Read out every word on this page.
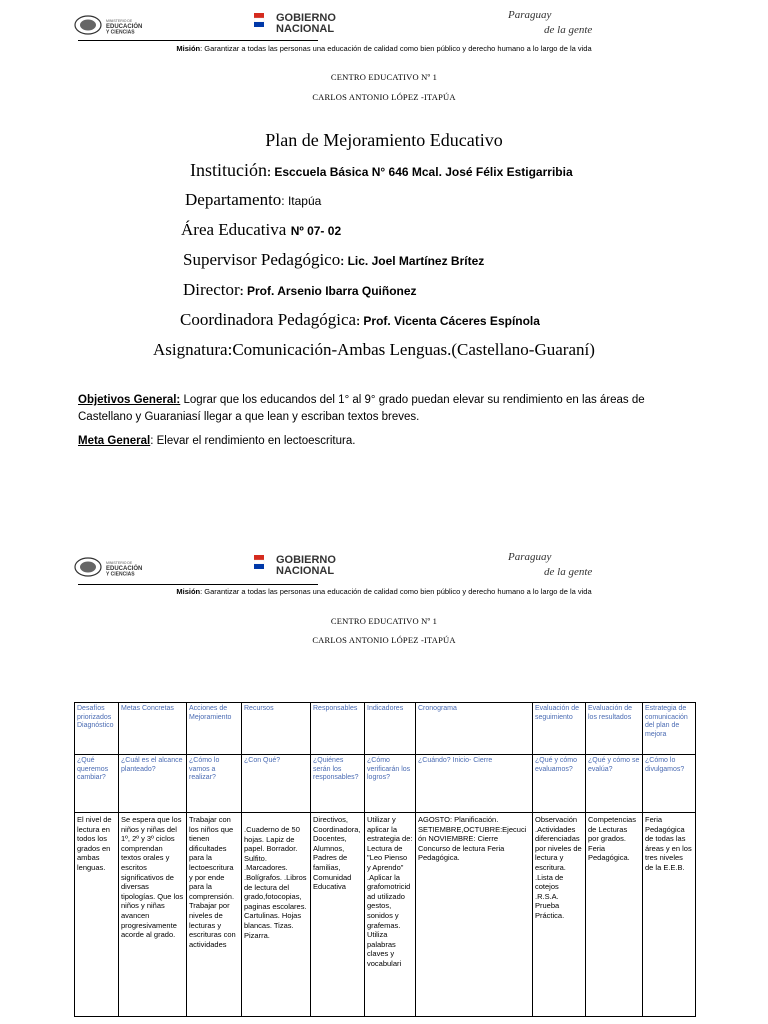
MINISTERIO DE
EDUCACIÓN
Y CIENCIAS
GOBIERNO
NACIONAL
Paraguay
de la gente
Misión: Garantizar a todas las personas una educación de calidad como bien público y derecho humano a lo largo de la vida
CENTRO EDUCATIVO Nº 1
CARLOS ANTONIO LÓPEZ -ITAPÚA
Plan de Mejoramiento Educativo
Institución: Esccuela Básica N° 646 Mcal. José Félix Estigarribia
Departamento: Itapúa
Área Educativa Nº 07- 02
Supervisor Pedagógico: Lic. Joel Martínez Brítez
Director: Prof. Arsenio Ibarra Quiñonez
Coordinadora Pedagógica: Prof. Vicenta Cáceres Espínola
Asignatura:Comunicación-Ambas Lenguas.(Castellano-Guaraní)
Objetivos General: Lograr que los educandos del 1° al 9° grado puedan elevar su rendimiento en las áreas de Castellano y Guaraniasí llegar a que lean y escriban textos breves.
Meta General: Elevar el rendimiento en lectoescritura.
MINISTERIO DE
EDUCACIÓN
Y CIENCIAS
GOBIERNO
NACIONAL
Paraguay
de la gente
Misión: Garantizar a todas las personas una educación de calidad como bien público y derecho humano a lo largo de la vida
CENTRO EDUCATIVO Nº 1
CARLOS ANTONIO LÓPEZ -ITAPÚA
Desafíos priorizados Diagnóstico	Metas Concretas	Acciones de Mejoramiento	Recursos	Responsables	Indicadores	Cronograma	Evaluación de seguimiento	Evaluación de los resultados	Estrategia de comunicación del plan de mejora
¿Qué queremos cambiar?	¿Cuál es el alcance planteado?	¿Cómo lo vamos a realizar?	¿Con Qué?	¿Quiénes serán los responsables?	¿Cómo verificarán los logros?	¿Cuándo? Inicio- Cierre	¿Qué y cómo evaluamos?	¿Qué y cómo se evalúa?	¿Cómo lo divulgamos?
El nivel de lectura en todos los grados en ambas lenguas.	Se espera que los niños y niñas del 1º, 2º y 3º ciclos comprendan textos orales y escritos significativos de diversas tipologías. Que los niños y niñas avancen progresivamente acorde al grado.	Trabajar con los niños que tienen dificultades para la lectoescritura y por ende para la comprensión. Trabajar por niveles de lecturas y escrituras con actividades	.Cuaderno de 50 hojas. Lapiz de papel. Borrador. Sulfito. .Marcadores. .Bolígrafos. .Libros de lectura del grado,fotocopias, paginas escolares. Cartulinas. Hojas blancas. Tizas. Pizarra.	Directivos, Coordinadora, Docentes, Alumnos, Padres de familias, Comunidad Educativa	Utilizar y aplicar la estrategia de: Lectura de "Leo Pienso y Aprendo" .Aplicar la grafomotricidad utilizado gestos, sonidos y grafemas. Utiliza palabras claves y vocabulari	AGOSTO: Planificación. SETIEMBRE,OCTUBRE:Ejecución NOVIEMBRE: Cierre Concurso de lectura Feria Pedagógica.	Observación .Actividades diferenciadas por niveles de lectura y escritura. .Lista de cotejos .R.S.A. Prueba Práctica.	Competencias de Lecturas por grados. Feria Pedagógica.	Feria Pedagógica de todas las áreas y en los tres niveles de la E.E.B.
